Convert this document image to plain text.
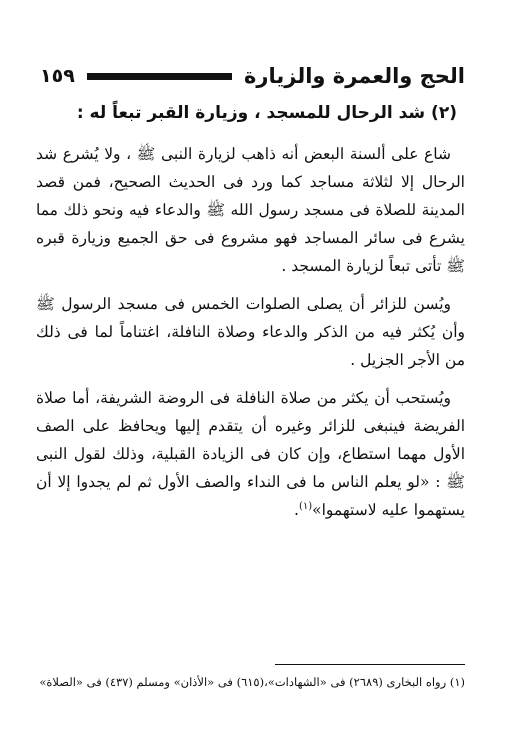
الحج والعمرة والزيارة
١٥٩
(٢) شد الرحال للمسجد ، وزيارة القبر تبعاً له :

شاع على ألسنة البعض أنه ذاهب لزيارة النبى ﷺ ، ولا يُشرع شد الرحال إلا لثلاثة مساجد كما ورد فى الحديث الصحيح، فمن قصد المدينة للصلاة فى مسجد رسول الله ﷺ والدعاء فيه ونحو ذلك مما يشرع فى سائر المساجد فهو مشروع فى حق الجميع وزيارة قبره ﷺ تأتى تبعاً لزيارة المسجد .

ويُسن للزائر أن يصلى الصلوات الخمس فى مسجد الرسول ﷺ وأن يُكثر فيه من الذكر والدعاء وصلاة النافلة، اغتناماً لما فى ذلك من الأجر الجزيل .

ويُستحب أن يكثر من صلاة النافلة فى الروضة الشريفة، أما صلاة الفريضة فينبغى للزائر وغيره أن يتقدم إليها ويحافظ على الصف الأول مهما استطاع، وإن كان فى الزيادة القبلية، وذلك لقول النبى ﷺ : «لو يعلم الناس ما فى النداء والصف الأول ثم لم يجدوا إلا أن يستهموا عليه لاستهموا»$^{(١)}$.

(١) رواه البخارى (٢٦٨٩) فى «الشهادات»،(٦١٥) فى «الأذان» ومسلم (٤٣٧) فى «الصلاة»
